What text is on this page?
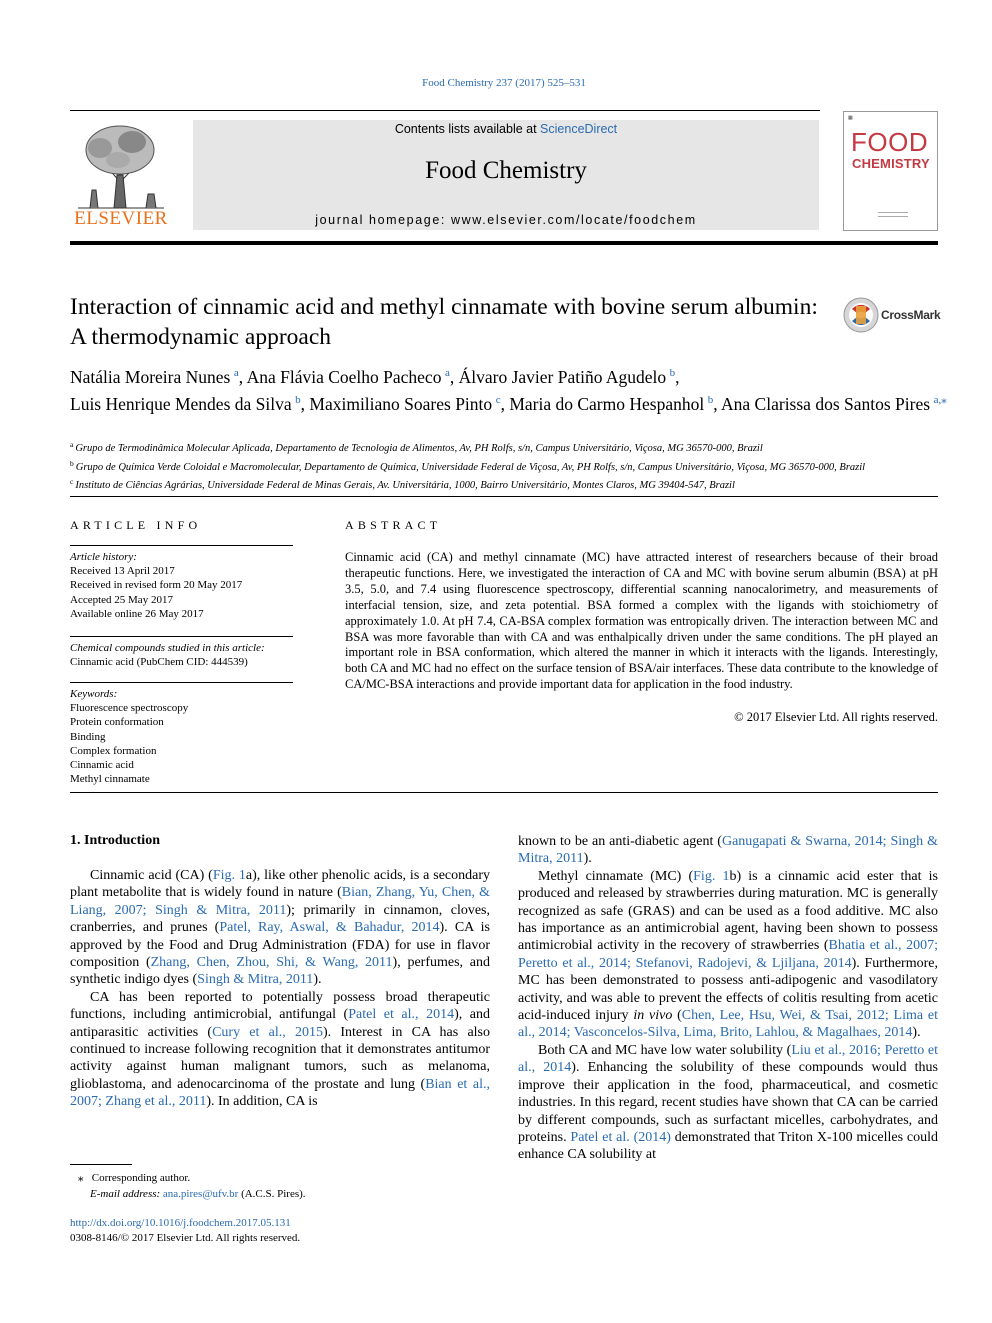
Food Chemistry 237 (2017) 525–531
ELSEVIER
Contents lists available at ScienceDirect
Food Chemistry
journal homepage: www.elsevier.com/locate/foodchem
▦
FOOD
CHEMISTRY
Interaction of cinnamic acid and methyl cinnamate with bovine serum albumin: A thermodynamic approach
CrossMark
Natália Moreira Nunes  $^a$, Ana Flávia Coelho Pacheco  $^a$, Álvaro Javier Patiño Agudelo  $^b$,
Luis Henrique Mendes da Silva  $^b$, Maximiliano Soares Pinto  $^c$, Maria do Carmo Hespanhol  $^b$, Ana Clarissa dos Santos Pires  $^{a,⁎}$
$^a$ Grupo de Termodinâmica Molecular Aplicada, Departamento de Tecnologia de Alimentos, Av, PH Rolfs, s/n, Campus Universitário, Viçosa, MG 36570-000, Brazil
$^b$ Grupo de Química Verde Coloidal e Macromolecular, Departamento de Química, Universidade Federal de Viçosa, Av, PH Rolfs, s/n, Campus Universitário, Viçosa, MG 36570-000, Brazil
$^c$ Instituto de Ciências Agrárias, Universidade Federal de Minas Gerais, Av. Universitária, 1000, Bairro Universitário, Montes Claros, MG 39404-547, Brazil
ARTICLE INFO	ABSTRACT
Article history:
Received 13 April 2017
Received in revised form 20 May 2017
Accepted 25 May 2017
Available online 26 May 2017
Chemical compounds studied in this article:
Cinnamic acid (PubChem CID: 444539)
Keywords:
Fluorescence spectroscopy
Protein conformation
Binding
Complex formation
Cinnamic acid
Methyl cinnamate
Cinnamic acid (CA) and methyl cinnamate (MC) have attracted interest of researchers because of their broad therapeutic functions. Here, we investigated the interaction of CA and MC with bovine serum albumin (BSA) at pH 3.5, 5.0, and 7.4 using fluorescence spectroscopy, differential scanning nanocalorimetry, and measurements of interfacial tension, size, and zeta potential. BSA formed a complex with the ligands with stoichiometry of approximately 1.0. At pH 7.4, CA-BSA complex formation was entropically driven. The interaction between MC and BSA was more favorable than with CA and was enthalpically driven under the same conditions. The pH played an important role in BSA conformation, which altered the manner in which it interacts with the ligands. Interestingly, both CA and MC had no effect on the surface tension of BSA/air interfaces. These data contribute to the knowledge of CA/MC-BSA interactions and provide important data for application in the food industry.
© 2017 Elsevier Ltd. All rights reserved.
1. Introduction

Cinnamic acid (CA) (Fig. 1a), like other phenolic acids, is a secondary plant metabolite that is widely found in nature (Bian, Zhang, Yu, Chen, & Liang, 2007; Singh & Mitra, 2011); primarily in cinnamon, cloves, cranberries, and prunes (Patel, Ray, Aswal, & Bahadur, 2014). CA is approved by the Food and Drug Administration (FDA) for use in flavor composition (Zhang, Chen, Zhou, Shi, & Wang, 2011), perfumes, and synthetic indigo dyes (Singh & Mitra, 2011).

CA has been reported to potentially possess broad therapeutic functions, including antimicrobial, antifungal (Patel et al., 2014), and antiparasitic activities (Cury et al., 2015). Interest in CA has also continued to increase following recognition that it demonstrates antitumor activity against human malignant tumors, such as melanoma, glioblastoma, and adenocarcinoma of the prostate and lung (Bian et al., 2007; Zhang et al., 2011). In addition, CA is

known to be an anti-diabetic agent (Ganugapati & Swarna, 2014; Singh & Mitra, 2011).

Methyl cinnamate (MC) (Fig. 1b) is a cinnamic acid ester that is produced and released by strawberries during maturation. MC is generally recognized as safe (GRAS) and can be used as a food additive. MC also has importance as an antimicrobial agent, having been shown to possess antimicrobial activity in the recovery of strawberries (Bhatia et al., 2007; Peretto et al., 2014; Stefanovi, Radojevi, & Ljiljana, 2014). Furthermore, MC has been demonstrated to possess anti-adipogenic and vasodilatory activity, and was able to prevent the effects of colitis resulting from acetic acid-induced injury in vivo (Chen, Lee, Hsu, Wei, & Tsai, 2012; Lima et al., 2014; Vasconcelos-Silva, Lima, Brito, Lahlou, & Magalhaes, 2014).

Both CA and MC have low water solubility (Liu et al., 2016; Peretto et al., 2014). Enhancing the solubility of these compounds would thus improve their application in the food, pharmaceutical, and cosmetic industries. In this regard, recent studies have shown that CA can be carried by different compounds, such as surfactant micelles, carbohydrates, and proteins. Patel et al. (2014) demonstrated that Triton X-100 micelles could enhance CA solubility at

⁎ Corresponding author.
E-mail address: ana.pires@ufv.br (A.C.S. Pires).
http://dx.doi.org/10.1016/j.foodchem.2017.05.131
0308-8146/© 2017 Elsevier Ltd. All rights reserved.
